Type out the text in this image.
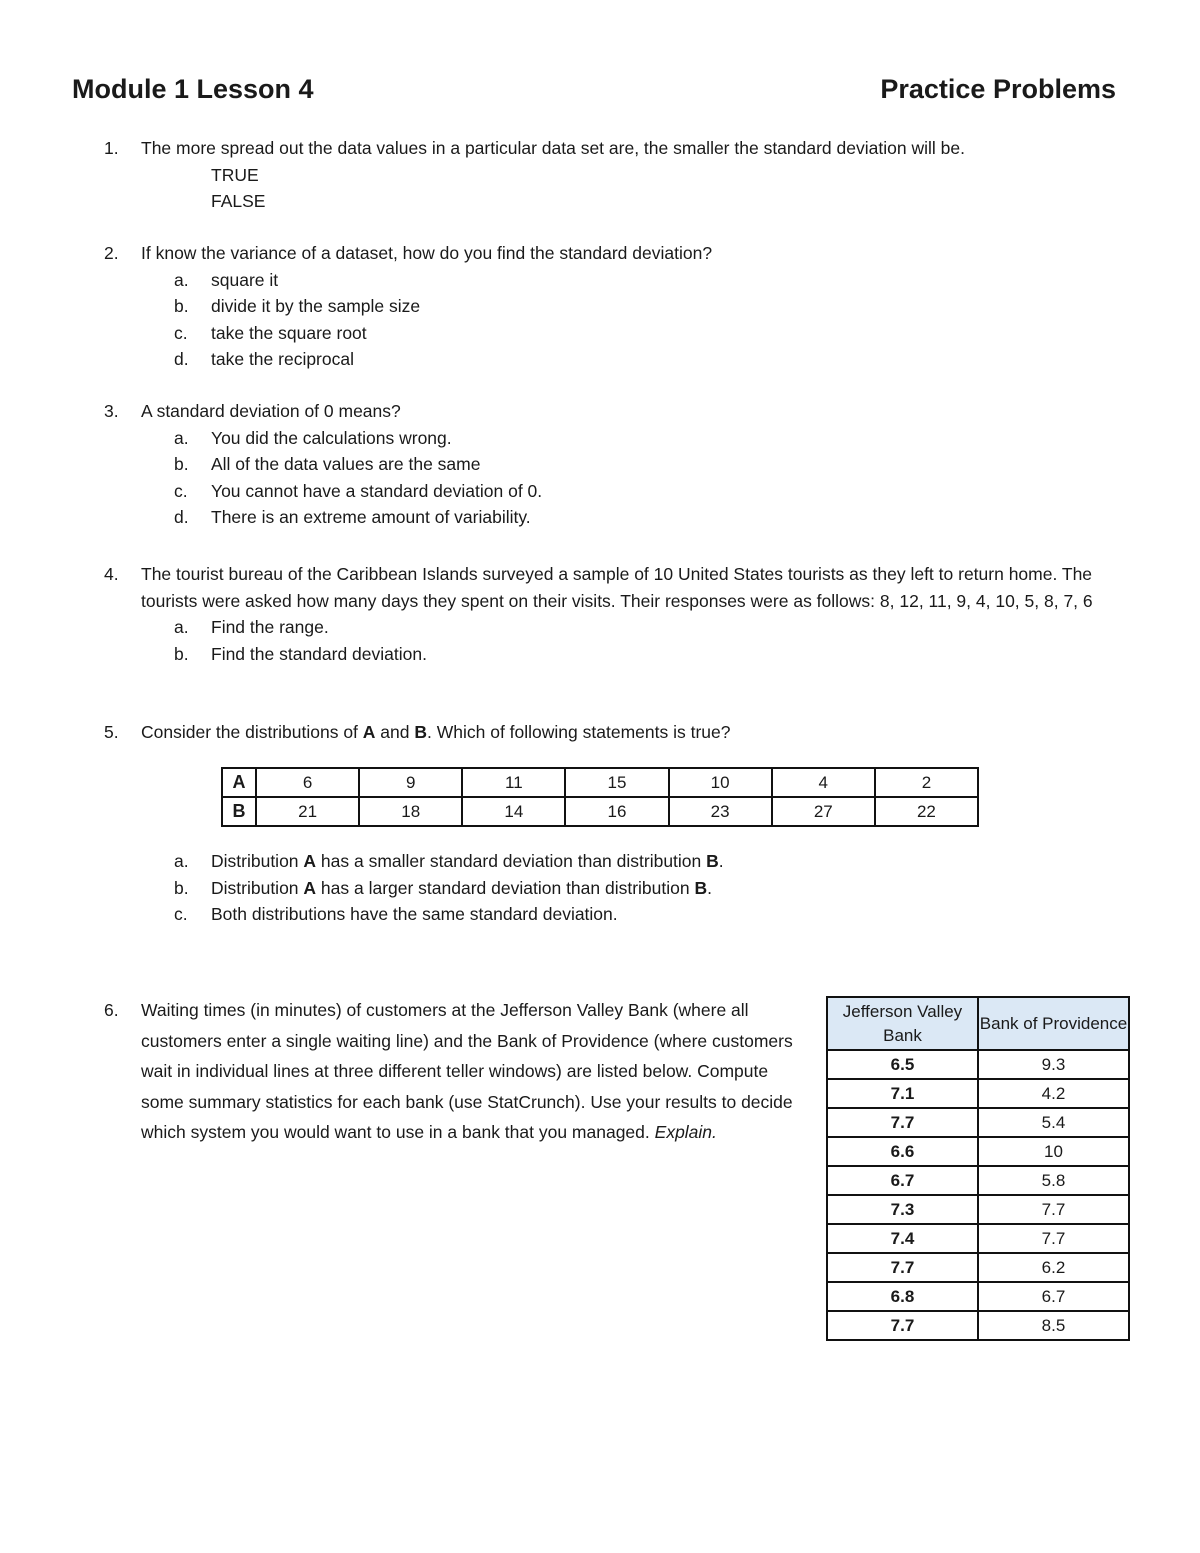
Module 1 Lesson 4	Practice Problems
1. The more spread out the data values in a particular data set are, the smaller the standard deviation will be.
TRUE
FALSE
2. If know the variance of a dataset, how do you find the standard deviation?
a. square it
b. divide it by the sample size
c. take the square root
d. take the reciprocal
3. A standard deviation of 0 means?
a. You did the calculations wrong.
b. All of the data values are the same
c. You cannot have a standard deviation of 0.
d. There is an extreme amount of variability.
4. The tourist bureau of the Caribbean Islands surveyed a sample of 10 United States tourists as they left to return home. The tourists were asked how many days they spent on their visits. Their responses were as follows: 8, 12, 11, 9, 4, 10, 5, 8, 7, 6
a. Find the range.
b. Find the standard deviation.
5. Consider the distributions of A and B. Which of following statements is true?
A	6	9	11	15	10	4	2
B	21	18	14	16	23	27	22
a. Distribution A has a smaller standard deviation than distribution B.
b. Distribution A has a larger standard deviation than distribution B.
c. Both distributions have the same standard deviation.
6. Waiting times (in minutes) of customers at the Jefferson Valley Bank (where all customers enter a single waiting line) and the Bank of Providence (where customers wait in individual lines at three different teller windows) are listed below. Compute some summary statistics for each bank (use StatCrunch). Use your results to decide which system you would want to use in a bank that you managed. Explain.
Jefferson Valley Bank	Bank of Providence
6.5	9.3
7.1	4.2
7.7	5.4
6.6	10
6.7	5.8
7.3	7.7
7.4	7.7
7.7	6.2
6.8	6.7
7.7	8.5
